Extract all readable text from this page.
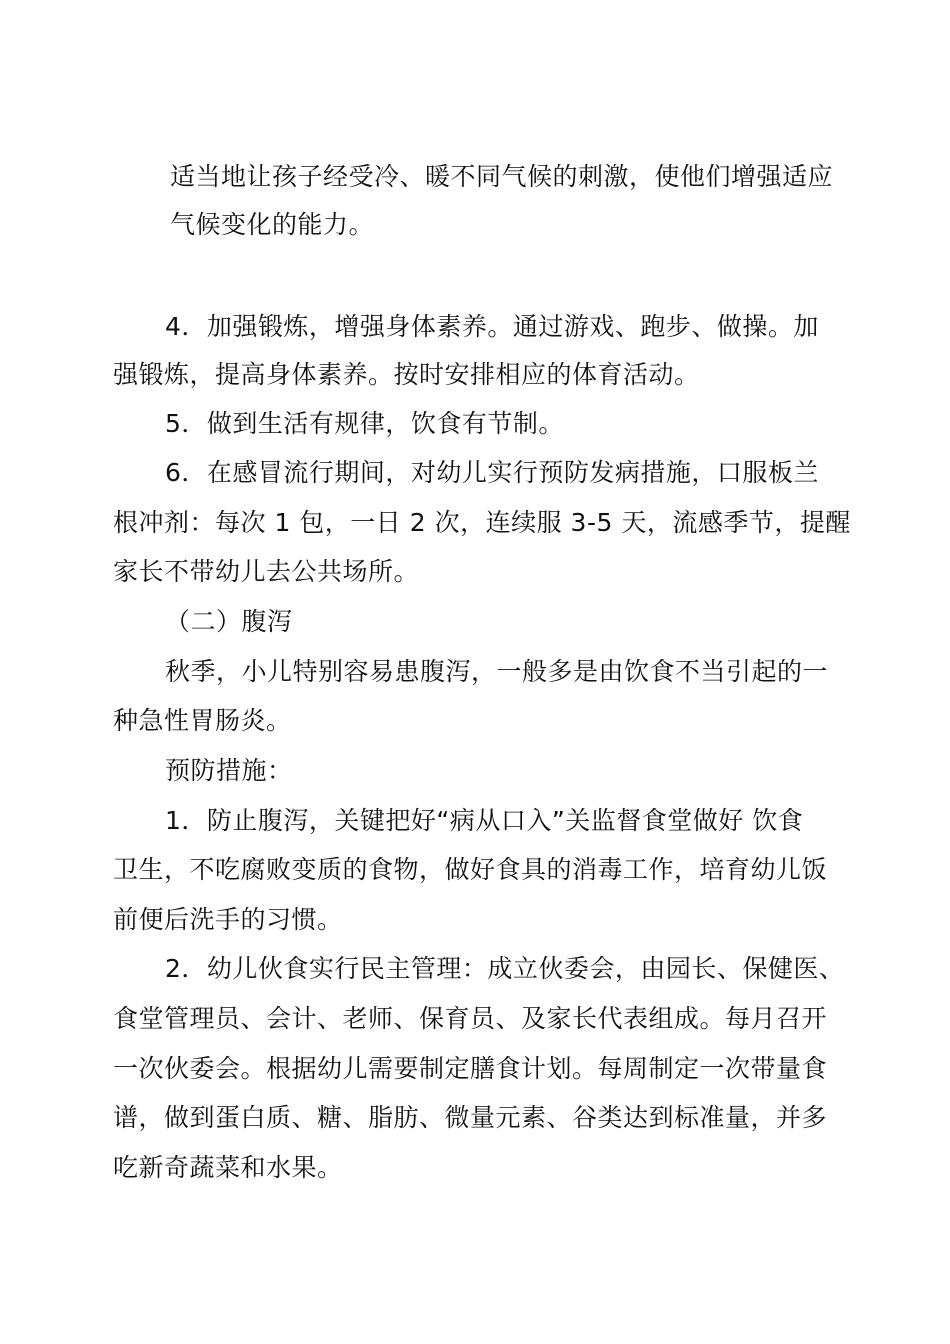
适当地让孩子经受冷、暖不同气候的刺激，使他们增强适应
气候变化的能力。
4．加强锻炼，增强身体素养。通过游戏、跑步、做操。加
强锻炼，提高身体素养。按时安排相应的体育活动。
5．做到生活有规律，饮食有节制。
6．在感冒流行期间，对幼儿实行预防发病措施，口服板兰
根冲剂：每次 1 包，一日 2 次，连续服 3-5 天，流感季节，提醒
家长不带幼儿去公共场所。
（二）腹泻
秋季，小儿特别容易患腹泻，一般多是由饮食不当引起的一
种急性胃肠炎。
预防措施：
1．防止腹泻，关键把好“病从口入”关监督食堂做好 饮食
卫生，不吃腐败变质的食物，做好食具的消毒工作，培育幼儿饭
前便后洗手的习惯。
2．幼儿伙食实行民主管理：成立伙委会，由园长、保健医、
食堂管理员、会计、老师、保育员、及家长代表组成。每月召开
一次伙委会。根据幼儿需要制定膳食计划。每周制定一次带量食
谱，做到蛋白质、糖、脂肪、微量元素、谷类达到标准量，并多
吃新奇蔬菜和水果。
